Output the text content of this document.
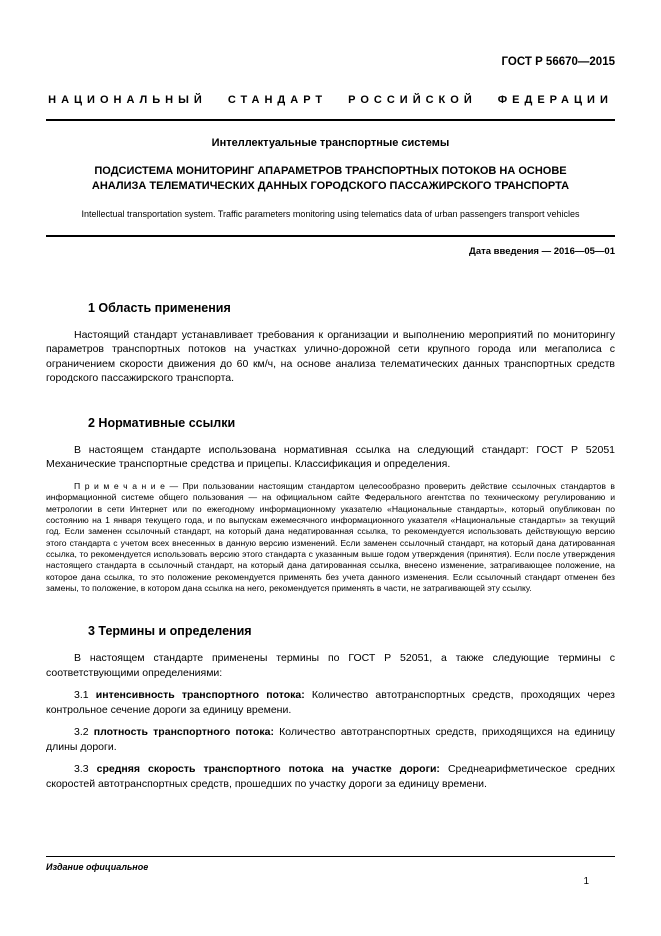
ГОСТ Р 56670—2015
НАЦИОНАЛЬНЫЙ СТАНДАРТ РОССИЙСКОЙ ФЕДЕРАЦИИ
Интеллектуальные транспортные системы
ПОДСИСТЕМА МОНИТОРИНГ АПАРАМЕТРОВ ТРАНСПОРТНЫХ ПОТОКОВ НА ОСНОВЕ АНАЛИЗА ТЕЛЕМАТИЧЕСКИХ ДАННЫХ ГОРОДСКОГО ПАССАЖИРСКОГО ТРАНСПОРТА
Intellectual transportation system. Traffic parameters monitoring using telematics data of urban passengers transport vehicles
Дата введения — 2016—05—01
1 Область применения

Настоящий стандарт устанавливает требования к организации и выполнению мероприятий по мониторингу параметров транспортных потоков на участках улично-дорожной сети крупного города или мегаполиса с ограничением скорости движения до 60 км/ч, на основе анализа телематических данных транспортных средств городского пассажирского транспорта.

2 Нормативные ссылки

В настоящем стандарте использована нормативная ссылка на следующий стандарт: ГОСТ Р 52051 Механические транспортные средства и прицепы. Классификация и определения.

П р и м е ч а н и е — При пользовании настоящим стандартом целесообразно проверить действие ссылочных стандартов в информационной системе общего пользования — на официальном сайте Федерального агентства по техническому регулированию и метрологии в сети Интернет или по ежегодному информационному указателю «Национальные стандарты», который опубликован по состоянию на 1 января текущего года, и по выпускам ежемесячного информационного указателя «Национальные стандарты» за текущий год. Если заменен ссылочный стандарт, на который дана недатированная ссылка, то рекомендуется использовать действующую версию этого стандарта с учетом всех внесенных в данную версию изменений. Если заменен ссылочный стандарт, на который дана датированная ссылка, то рекомендуется использовать версию этого стандарта с указанным выше годом утверждения (принятия). Если после утверждения настоящего стандарта в ссылочный стандарт, на который дана датированная ссылка, внесено изменение, затрагивающее положение, на которое дана ссылка, то это положение рекомендуется применять без учета данного изменения. Если ссылочный стандарт отменен без замены, то положение, в котором дана ссылка на него, рекомендуется применять в части, не затрагивающей эту ссылку.

3 Термины и определения

В настоящем стандарте применены термины по ГОСТ Р 52051, а также следующие термины с соответствующими определениями:

3.1 интенсивность транспортного потока: Количество автотранспортных средств, проходящих через контрольное сечение дороги за единицу времени.

3.2 плотность транспортного потока: Количество автотранспортных средств, приходящихся на единицу длины дороги.

3.3 средняя скорость транспортного потока на участке дороги: Среднеарифметическое средних скоростей автотранспортных средств, прошедших по участку дороги за единицу времени.

Издание официальное
1
